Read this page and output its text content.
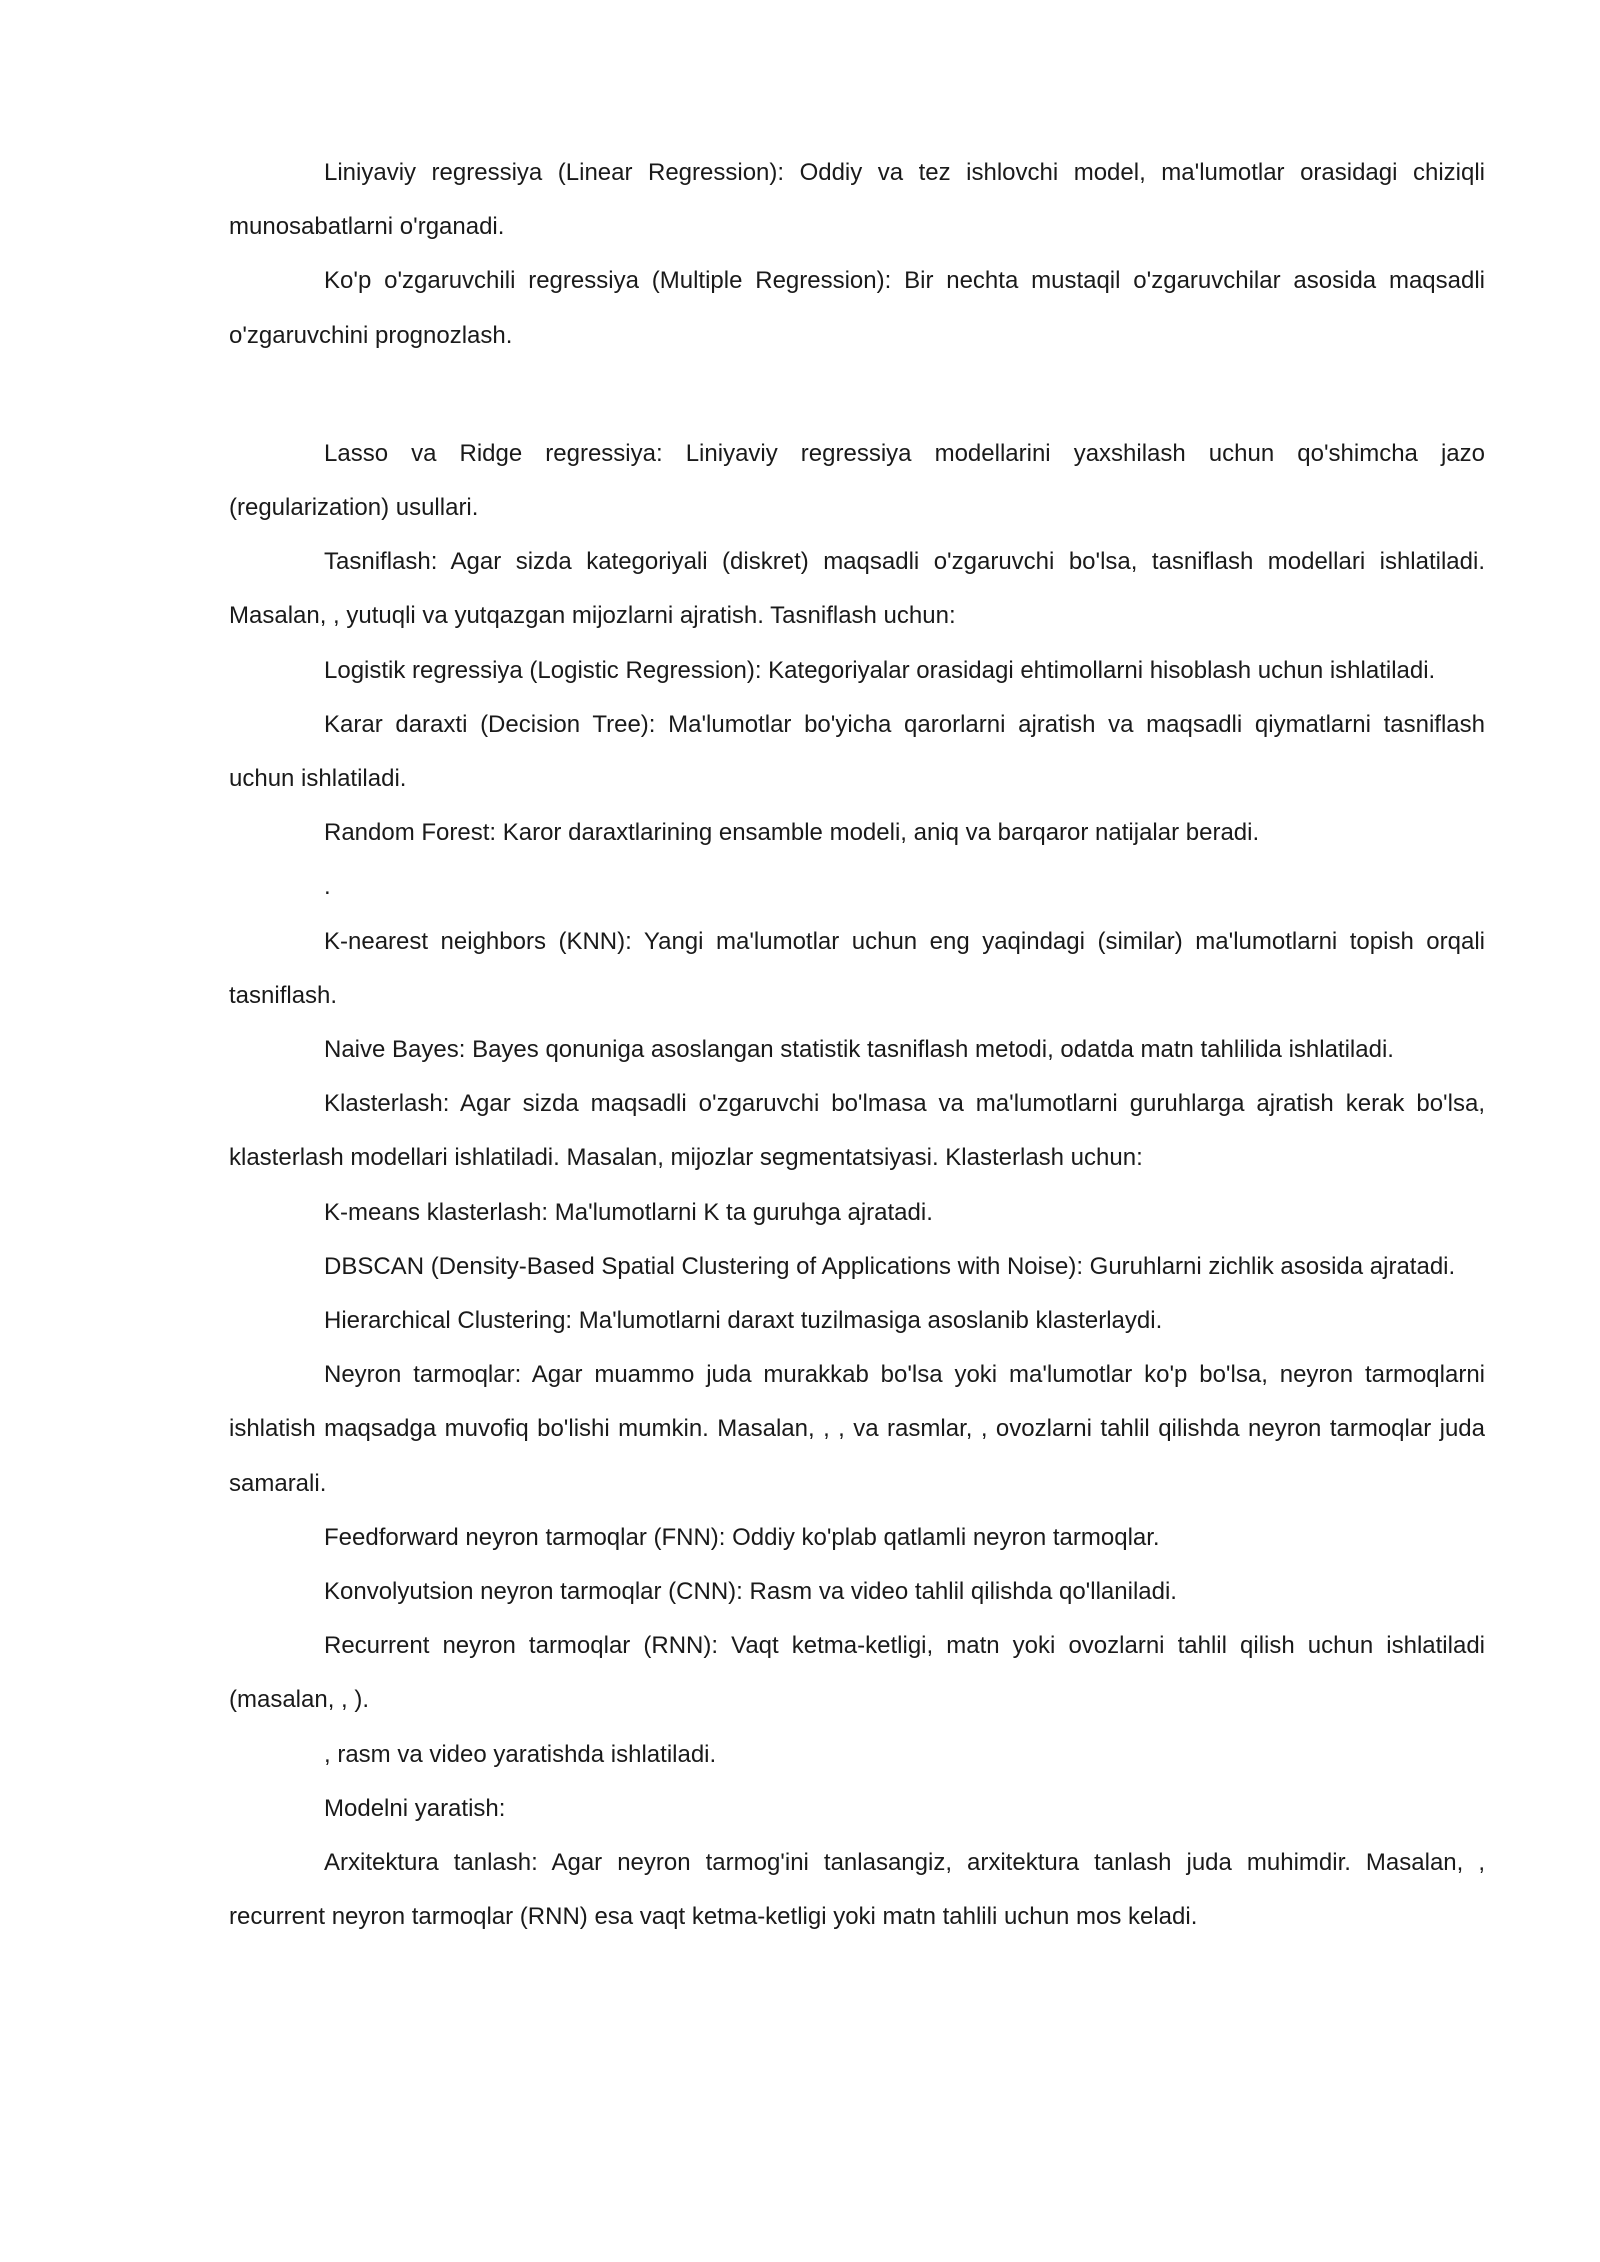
Liniyaviy regressiya (Linear Regression): Oddiy va tez ishlovchi model, ma'lumotlar orasidagi chiziqli munosabatlarni o'rganadi.

Ko'p o'zgaruvchili regressiya (Multiple Regression): Bir nechta mustaqil o'zgaruvchilar asosida maqsadli o'zgaruvchini prognozlash.

Lasso va Ridge regressiya: Liniyaviy regressiya modellarini yaxshilash uchun qo'shimcha jazo (regularization) usullari.

Tasniflash: Agar sizda kategoriyali (diskret) maqsadli o'zgaruvchi bo'lsa, tasniflash modellari ishlatiladi. Masalan, , yutuqli va yutqazgan mijozlarni ajratish. Tasniflash uchun:

Logistik regressiya (Logistic Regression): Kategoriyalar orasidagi ehtimollarni hisoblash uchun ishlatiladi.

Karar daraxti (Decision Tree): Ma'lumotlar bo'yicha qarorlarni ajratish va maqsadli qiymatlarni tasniflash uchun ishlatiladi.

Random Forest: Karor daraxtlarining ensamble modeli, aniq va barqaror natijalar beradi.

.

K-nearest neighbors (KNN): Yangi ma'lumotlar uchun eng yaqindagi (similar) ma'lumotlarni topish orqali tasniflash.

Naive Bayes: Bayes qonuniga asoslangan statistik tasniflash metodi, odatda matn tahlilida ishlatiladi.

Klasterlash: Agar sizda maqsadli o'zgaruvchi bo'lmasa va ma'lumotlarni guruhlarga ajratish kerak bo'lsa, klasterlash modellari ishlatiladi. Masalan, mijozlar segmentatsiyasi. Klasterlash uchun:

K-means klasterlash: Ma'lumotlarni K ta guruhga ajratadi.

DBSCAN (Density-Based Spatial Clustering of Applications with Noise): Guruhlarni zichlik asosida ajratadi.

Hierarchical Clustering: Ma'lumotlarni daraxt tuzilmasiga asoslanib klasterlaydi.

Neyron tarmoqlar: Agar muammo juda murakkab bo'lsa yoki ma'lumotlar ko'p bo'lsa, neyron tarmoqlarni ishlatish maqsadga muvofiq bo'lishi mumkin. Masalan, , , va rasmlar, , ovozlarni tahlil qilishda neyron tarmoqlar juda samarali.

Feedforward neyron tarmoqlar (FNN): Oddiy ko'plab qatlamli neyron tarmoqlar.

Konvolyutsion neyron tarmoqlar (CNN): Rasm va video tahlil qilishda qo'llaniladi.

Recurrent neyron tarmoqlar (RNN): Vaqt ketma-ketligi, matn yoki ovozlarni tahlil qilish uchun ishlatiladi (masalan, , ).

, rasm va video yaratishda ishlatiladi.

Modelni yaratish:

Arxitektura tanlash: Agar neyron tarmog'ini tanlasangiz, arxitektura tanlash juda muhimdir. Masalan, , recurrent neyron tarmoqlar (RNN) esa vaqt ketma-ketligi yoki matn tahlili uchun mos keladi.
